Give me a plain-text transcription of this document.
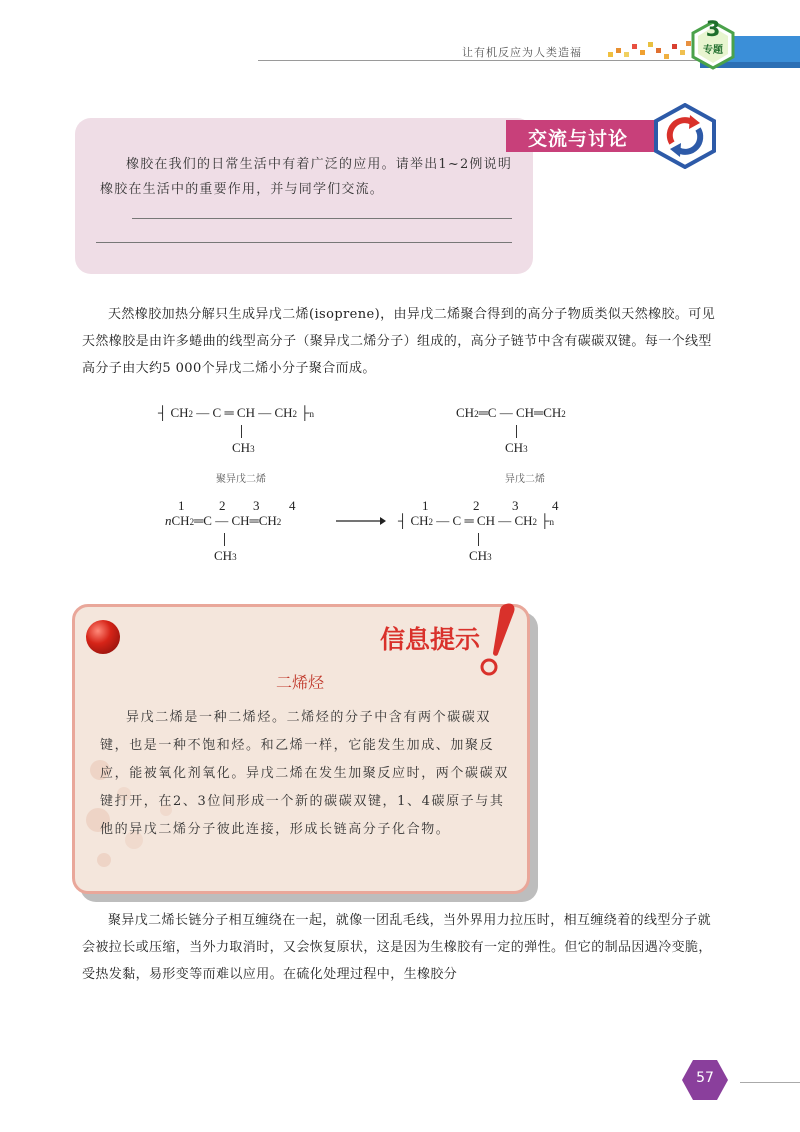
让有机反应为人类造福
3
专题
交流与讨论
橡胶在我们的日常生活中有着广泛的应用。请举出1~2例说明橡胶在生活中的重要作用，并与同学们交流。
天然橡胶加热分解只生成异戊二烯(isoprene)，由异戊二烯聚合得到的高分子物质类似天然橡胶。可见天然橡胶是由许多蜷曲的线型高分子（聚异戊二烯分子）组成的，高分子链节中含有碳碳双键。每一个线型高分子由大约5 000个异戊二烯小分子聚合而成。
┤ CH2 — C ═ CH — CH2 ├n
CH3
聚异戊二烯
CH2═C — CH═CH2
CH3
异戊二烯
1	2 3 4
nCH2═C — CH═CH2
CH3
1	2	3	4
┤ CH2 — C ═ CH — CH2 ├n
CH3
信息提示
二烯烃
异戊二烯是一种二烯烃。二烯烃的分子中含有两个碳碳双键，也是一种不饱和烃。和乙烯一样，它能发生加成、加聚反应，能被氧化剂氧化。异戊二烯在发生加聚反应时，两个碳碳双键打开，在2、3位间形成一个新的碳碳双键，1、4碳原子与其他的异戊二烯分子彼此连接，形成长链高分子化合物。
聚异戊二烯长链分子相互缠绕在一起，就像一团乱毛线，当外界用力拉压时，相互缠绕着的线型分子就会被拉长或压缩，当外力取消时，又会恢复原状，这是因为生橡胶有一定的弹性。但它的制品因遇冷变脆，受热发黏，易形变等而难以应用。在硫化处理过程中，生橡胶分
57
